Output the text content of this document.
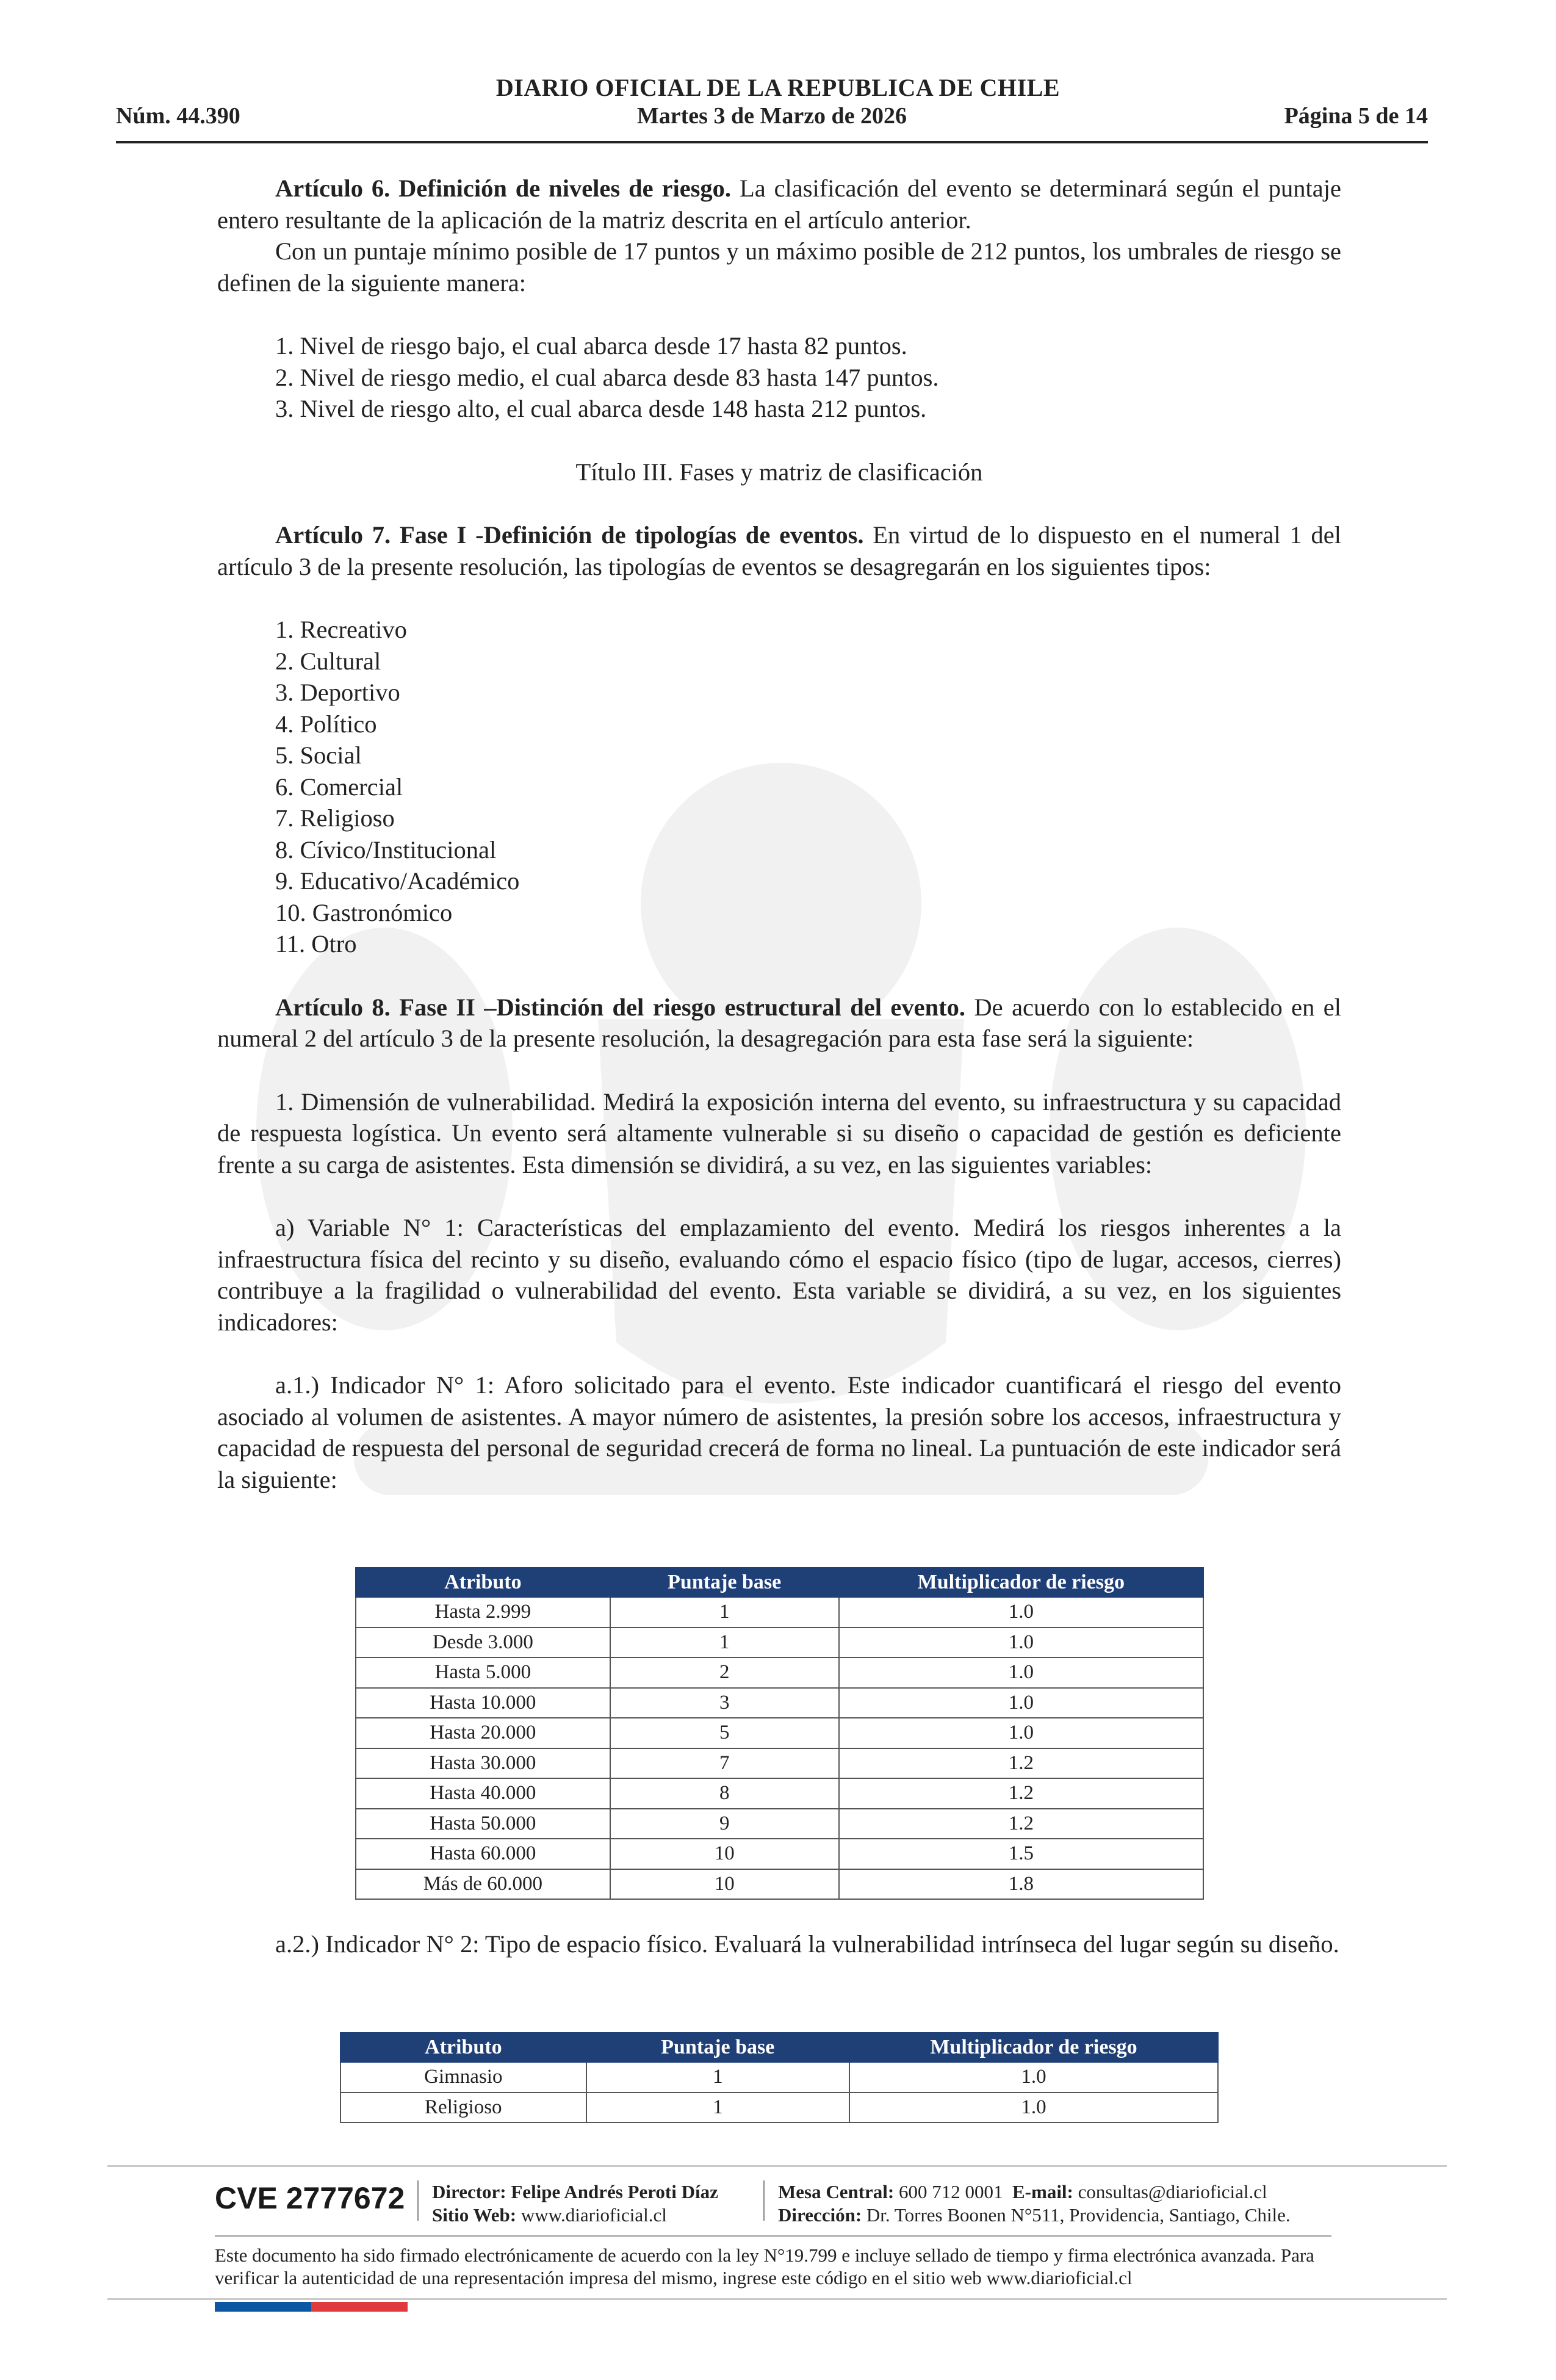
DIARIO OFICIAL DE LA REPUBLICA DE CHILE
Núm. 44.390	Martes 3 de Marzo de 2026	Página 5 de 14

Artículo 6. Definición de niveles de riesgo. La clasificación del evento se determinará según el puntaje entero resultante de la aplicación de la matriz descrita en el artículo anterior.

Con un puntaje mínimo posible de 17 puntos y un máximo posible de 212 puntos, los umbrales de riesgo se definen de la siguiente manera:

1. Nivel de riesgo bajo, el cual abarca desde 17 hasta 82 puntos.
2. Nivel de riesgo medio, el cual abarca desde 83 hasta 147 puntos.
3. Nivel de riesgo alto, el cual abarca desde 148 hasta 212 puntos.

Título III. Fases y matriz de clasificación

Artículo 7. Fase I -Definición de tipologías de eventos. En virtud de lo dispuesto en el numeral 1 del artículo 3 de la presente resolución, las tipologías de eventos se desagregarán en los siguientes tipos:

1. Recreativo
2. Cultural
3. Deportivo
4. Político
5. Social
6. Comercial
7. Religioso
8. Cívico/Institucional
9. Educativo/Académico
10. Gastronómico
11. Otro

Artículo 8. Fase II –Distinción del riesgo estructural del evento. De acuerdo con lo establecido en el numeral 2 del artículo 3 de la presente resolución, la desagregación para esta fase será la siguiente:

1. Dimensión de vulnerabilidad. Medirá la exposición interna del evento, su infraestructura y su capacidad de respuesta logística. Un evento será altamente vulnerable si su diseño o capacidad de gestión es deficiente frente a su carga de asistentes. Esta dimensión se dividirá, a su vez, en las siguientes variables:

a) Variable N° 1: Características del emplazamiento del evento. Medirá los riesgos inherentes a la infraestructura física del recinto y su diseño, evaluando cómo el espacio físico (tipo de lugar, accesos, cierres) contribuye a la fragilidad o vulnerabilidad del evento. Esta variable se dividirá, a su vez, en los siguientes indicadores:

a.1.) Indicador N° 1: Aforo solicitado para el evento. Este indicador cuantificará el riesgo del evento asociado al volumen de asistentes. A mayor número de asistentes, la presión sobre los accesos, infraestructura y capacidad de respuesta del personal de seguridad crecerá de forma no lineal. La puntuación de este indicador será la siguiente:

Atributo	Puntaje base	Multiplicador de riesgo
Hasta 2.999	1	1.0
Desde 3.000	1	1.0
Hasta 5.000	2	1.0
Hasta 10.000	3	1.0
Hasta 20.000	5	1.0
Hasta 30.000	7	1.2
Hasta 40.000	8	1.2
Hasta 50.000	9	1.2
Hasta 60.000	10	1.5
Más de 60.000	10	1.8

a.2.) Indicador N° 2: Tipo de espacio físico. Evaluará la vulnerabilidad intrínseca del lugar según su diseño.

Atributo	Puntaje base	Multiplicador de riesgo
Gimnasio	1	1.0
Religioso	1	1.0
CVE 2777672 Director: Felipe Andrés Peroti Díaz
Sitio Web: www.diarioficial.cl
Mesa Central: 600 712 0001 E-mail: consultas@diarioficial.cl
Dirección: Dr. Torres Boonen N°511, Providencia, Santiago, Chile.
Este documento ha sido firmado electrónicamente de acuerdo con la ley N°19.799 e incluye sellado de tiempo y firma electrónica avanzada. Para verificar la autenticidad de una representación impresa del mismo, ingrese este código en el sitio web www.diarioficial.cl
